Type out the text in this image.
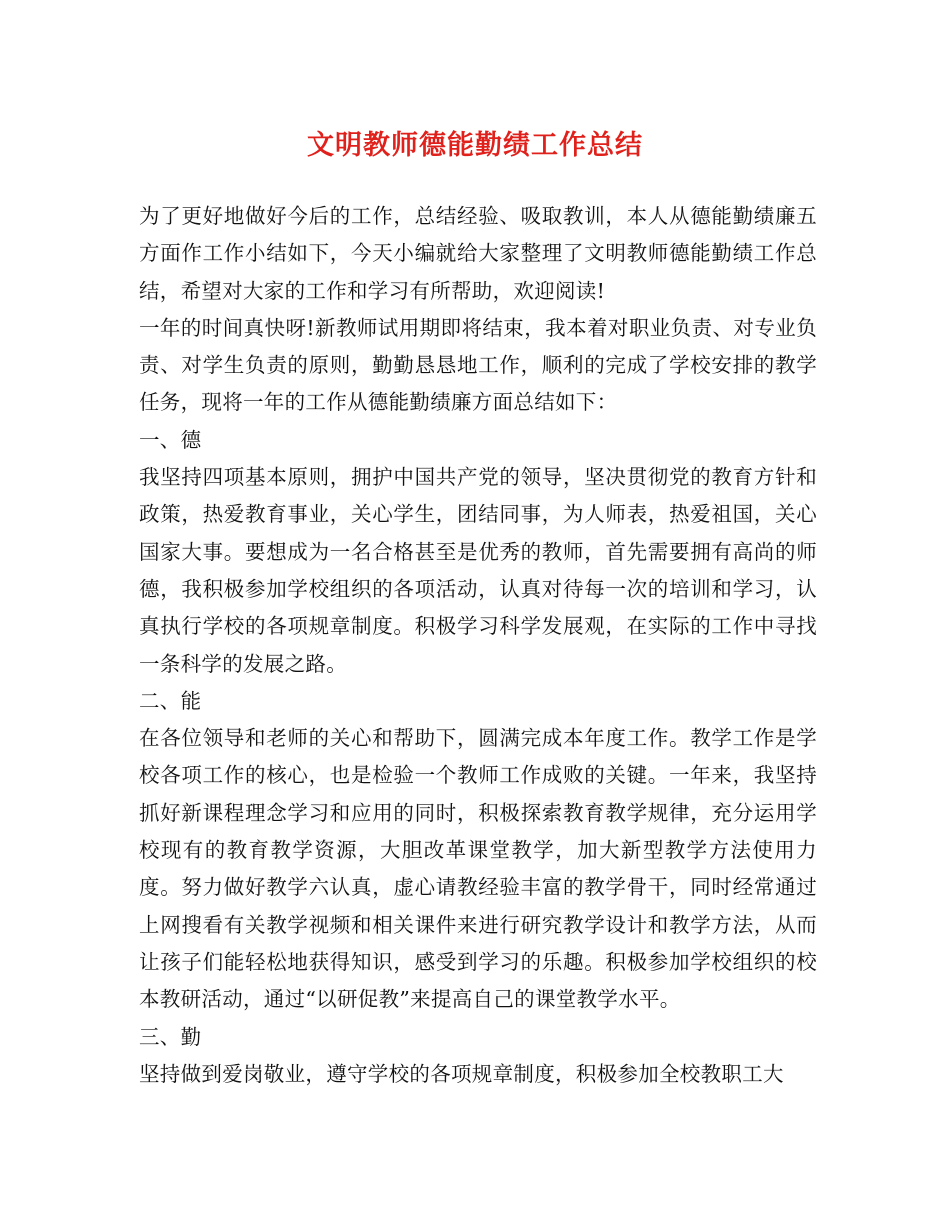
文明教师德能勤绩工作总结

为了更好地做好今后的工作，总结经验、吸取教训，本人从德能勤绩廉五方面作工作小结如下，今天小编就给大家整理了文明教师德能勤绩工作总结，希望对大家的工作和学习有所帮助，欢迎阅读!

一年的时间真快呀!新教师试用期即将结束，我本着对职业负责、对专业负责、对学生负责的原则，勤勤恳恳地工作，顺利的完成了学校安排的教学任务，现将一年的工作从德能勤绩廉方面总结如下：

一、德

我坚持四项基本原则，拥护中国共产党的领导，坚决贯彻党的教育方针和政策，热爱教育事业，关心学生，团结同事，为人师表，热爱祖国，关心国家大事。要想成为一名合格甚至是优秀的教师，首先需要拥有高尚的师德，我积极参加学校组织的各项活动，认真对待每一次的培训和学习，认真执行学校的各项规章制度。积极学习科学发展观，在实际的工作中寻找一条科学的发展之路。

二、能

在各位领导和老师的关心和帮助下，圆满完成本年度工作。教学工作是学校各项工作的核心，也是检验一个教师工作成败的关键。一年来，我坚持抓好新课程理念学习和应用的同时，积极探索教育教学规律，充分运用学校现有的教育教学资源，大胆改革课堂教学，加大新型教学方法使用力度。努力做好教学六认真，虚心请教经验丰富的教学骨干，同时经常通过上网搜看有关教学视频和相关课件来进行研究教学设计和教学方法，从而让孩子们能轻松地获得知识，感受到学习的乐趣。积极参加学校组织的校本教研活动，通过“以研促教”来提高自己的课堂教学水平。

三、勤

坚持做到爱岗敬业，遵守学校的各项规章制度，积极参加全校教职工大
